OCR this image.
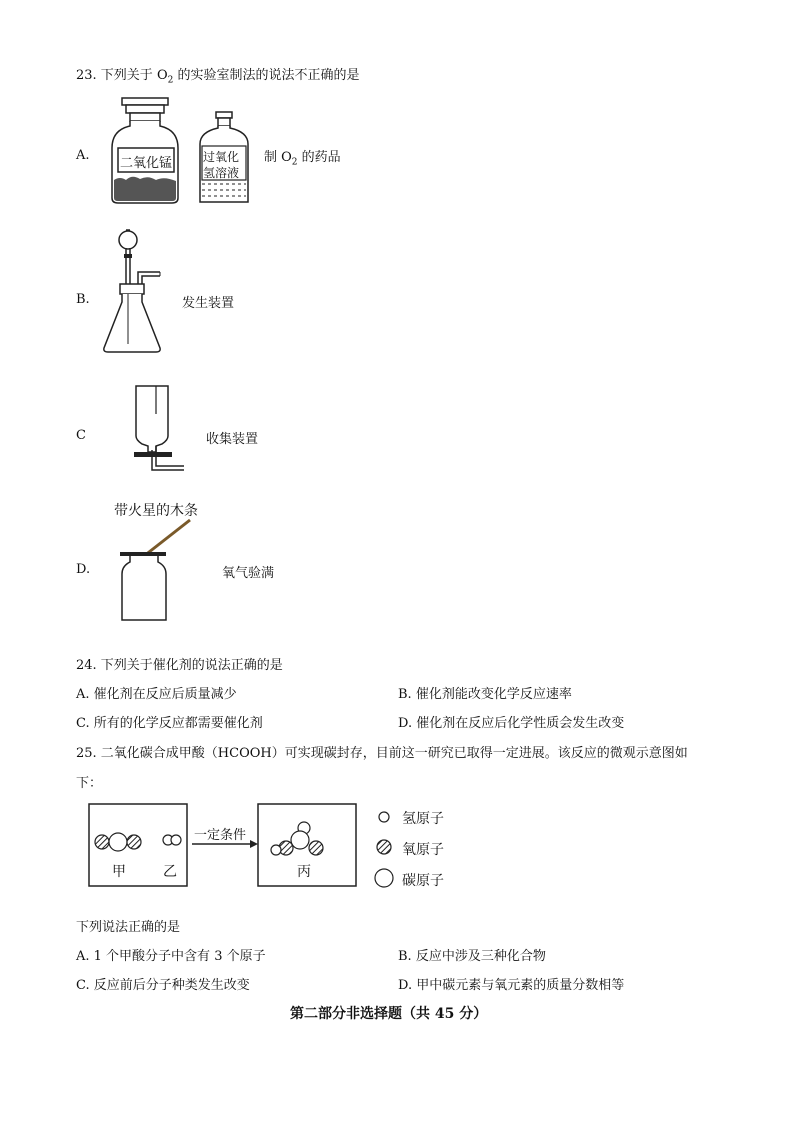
23. 下列关于 $O_2$ 的实验室制法的说法不正确的是
A.
二氧化锰	过氧化
氢溶液
制 $O_2$ 的药品
B.	发生装置
C	收集装置
带火星的木条
D.	氧气验满
24. 下列关于催化剂的说法正确的是
A. 催化剂在反应后质量减少	B. 催化剂能改变化学反应速率
C. 所有的化学反应都需要催化剂	D. 催化剂在反应后化学性质会发生改变
25. 二氧化碳合成甲酸（HCOOH）可实现碳封存，目前这一研究已取得一定进展。该反应的微观示意图如
下：
甲	乙
一定条件
丙
氢原子
氧原子
碳原子
下列说法正确的是
A. 1 个甲酸分子中含有 3 个原子	B. 反应中涉及三种化合物
C. 反应前后分子种类发生改变	D. 甲中碳元素与氧元素的质量分数相等
第二部分非选择题（共 45 分）
